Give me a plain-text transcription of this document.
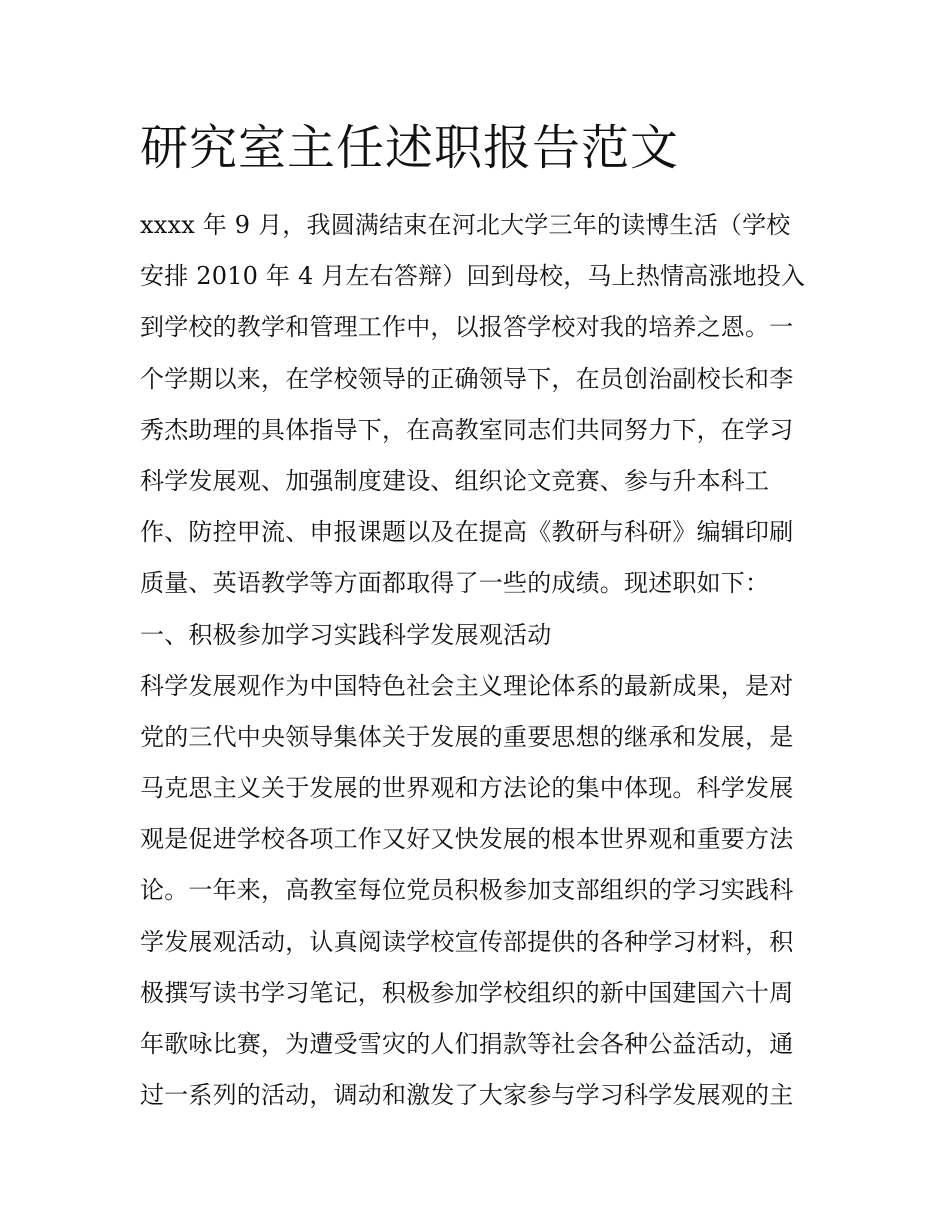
研究室主任述职报告范文
xxxx 年 9 月，我圆满结束在河北大学三年的读博生活（学校
安排 2010 年 4 月左右答辩）回到母校，马上热情高涨地投入
到学校的教学和管理工作中，以报答学校对我的培养之恩。一
个学期以来，在学校领导的正确领导下，在员创治副校长和李
秀杰助理的具体指导下，在高教室同志们共同努力下，在学习
科学发展观、加强制度建设、组织论文竞赛、参与升本科工
作、防控甲流、申报课题以及在提高《教研与科研》编辑印刷
质量、英语教学等方面都取得了一些的成绩。现述职如下：
一、积极参加学习实践科学发展观活动
科学发展观作为中国特色社会主义理论体系的最新成果，是对
党的三代中央领导集体关于发展的重要思想的继承和发展，是
马克思主义关于发展的世界观和方法论的集中体现。科学发展
观是促进学校各项工作又好又快发展的根本世界观和重要方法
论。一年来，高教室每位党员积极参加支部组织的学习实践科
学发展观活动，认真阅读学校宣传部提供的各种学习材料，积
极撰写读书学习笔记，积极参加学校组织的新中国建国六十周
年歌咏比赛，为遭受雪灾的人们捐款等社会各种公益活动，通
过一系列的活动，调动和激发了大家参与学习科学发展观的主
